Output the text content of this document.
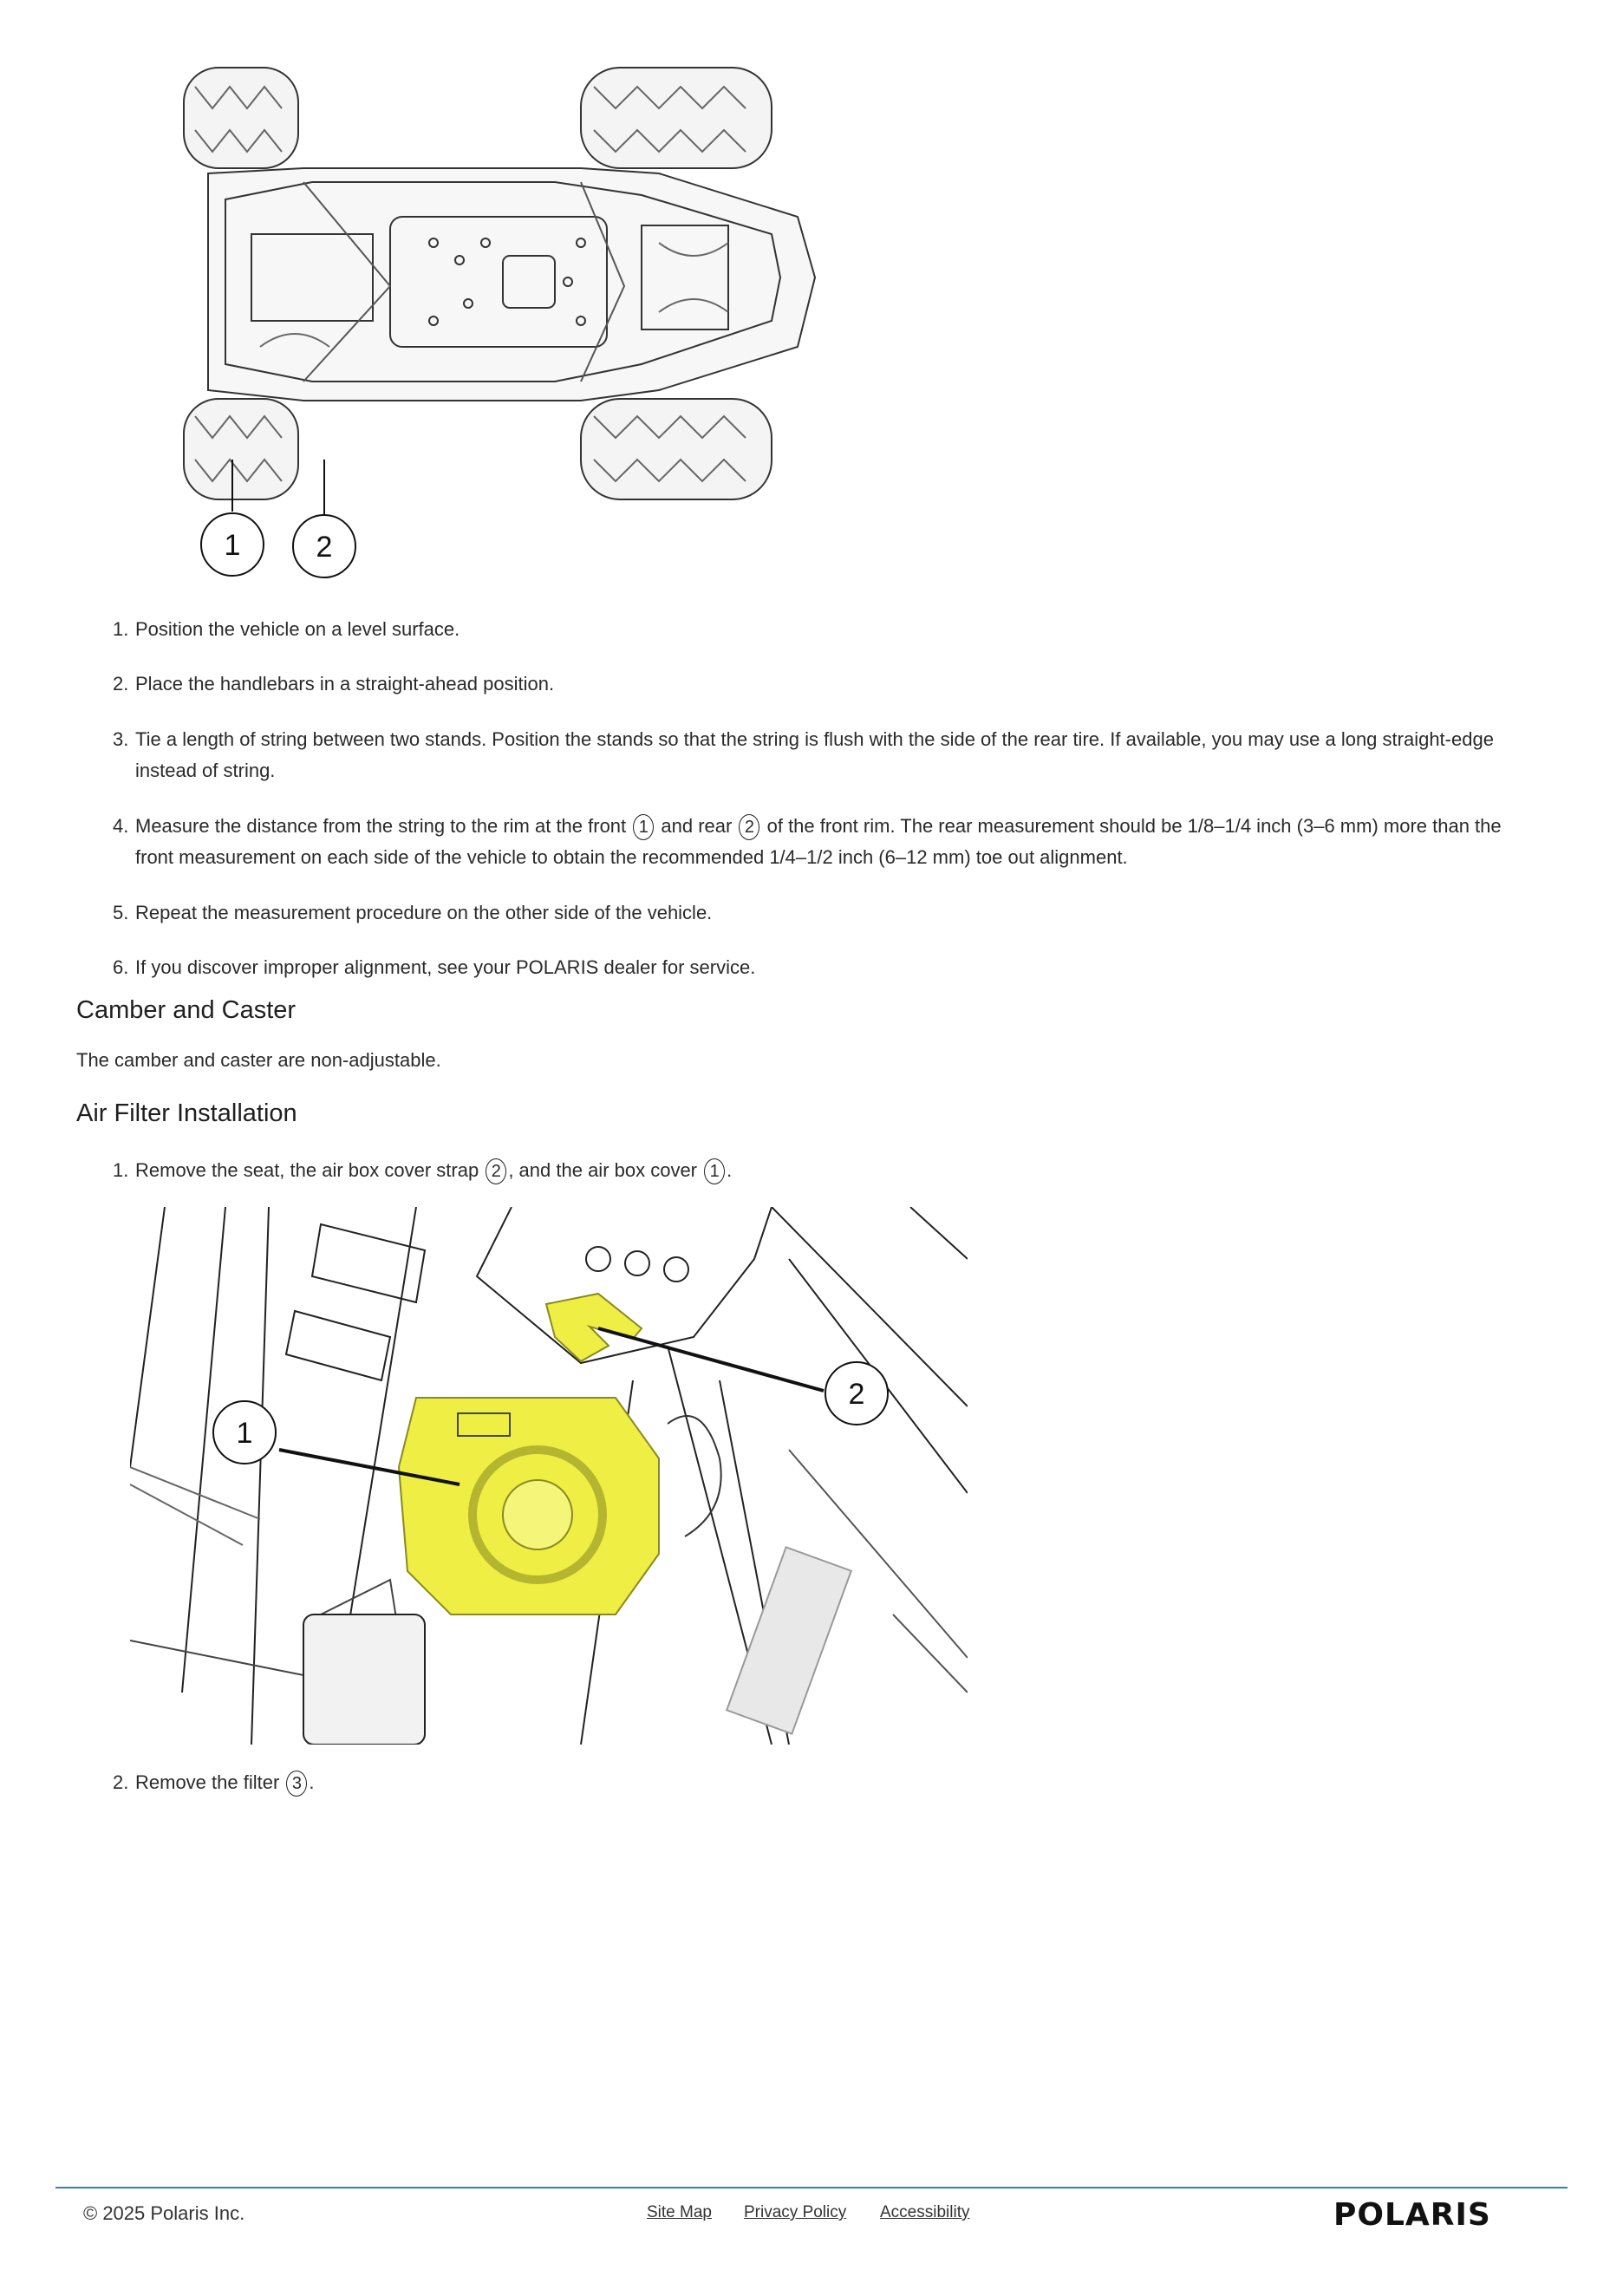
1	2
1. Position the vehicle on a level surface.
2. Place the handlebars in a straight-ahead position.
3. Tie a length of string between two stands. Position the stands so that the string is flush with the side of the rear tire. If available, you may use a long straight-edge instead of string.
4. Measure the distance from the string to the rim at the front 1 and rear 2 of the front rim. The rear measurement should be 1/8–1/4 inch (3–6 mm) more than the front measurement on each side of the vehicle to obtain the recommended 1/4–1/2 inch (6–12 mm) toe out alignment.
5. Repeat the measurement procedure on the other side of the vehicle.
6. If you discover improper alignment, see your POLARIS dealer for service.
Camber and Caster
The camber and caster are non-adjustable.
Air Filter Installation
1. Remove the seat, the air box cover strap 2 , and the air box cover 1 .
1
2
2. Remove the filter 3 .
© 2025 Polaris Inc.	Site Map Privacy Policy Accessibility	POLARIS
